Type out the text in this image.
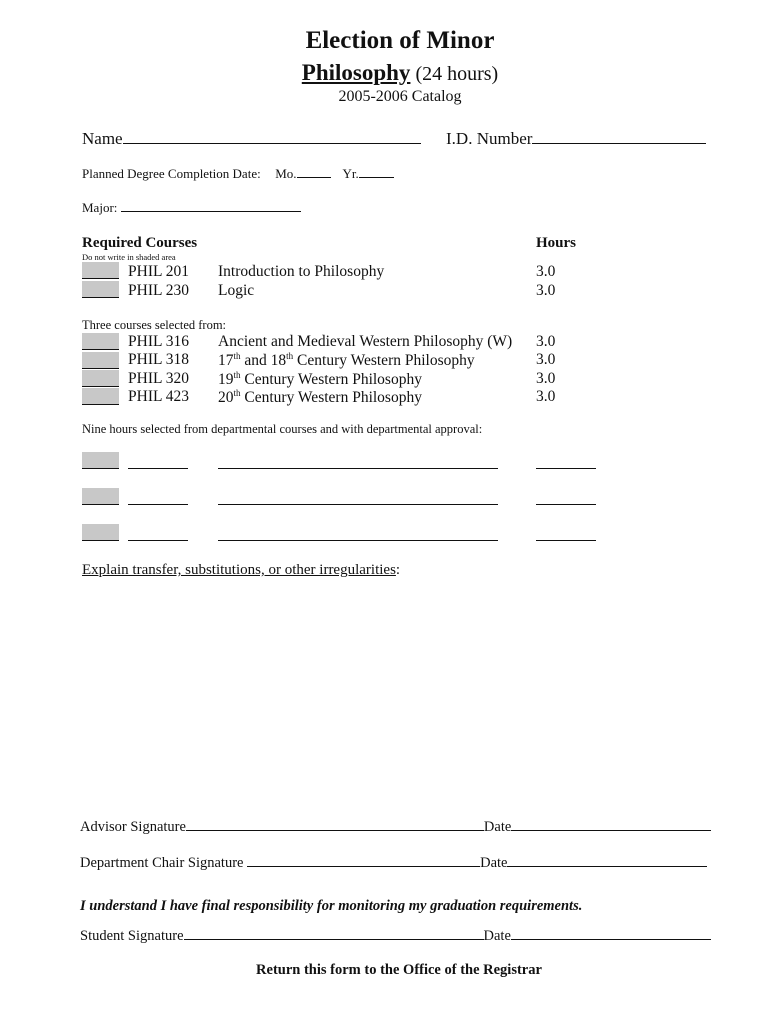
Election of Minor
Philosophy (24 hours)
2005-2006 Catalog
Name	I.D. Number
Planned Degree Completion Date: Mo.	Yr.
Major:
Required Courses	Hours
Do not write in shaded area
PHIL 201 Introduction to Philosophy	3.0
PHIL 230 Logic	3.0
Three courses selected from:
PHIL 316 Ancient and Medieval Western Philosophy (W) 3.0
PHIL 318 17th and 18th Century Western Philosophy	3.0
PHIL 320 19th Century Western Philosophy	3.0
PHIL 423 20th Century Western Philosophy	3.0
Nine hours selected from departmental courses and with departmental approval:
Explain transfer, substitutions, or other irregularities:
Advisor Signature	Date
Department Chair Signature	Date
I understand I have final responsibility for monitoring my graduation requirements.
Student Signature	Date
Return this form to the Office of the Registrar
